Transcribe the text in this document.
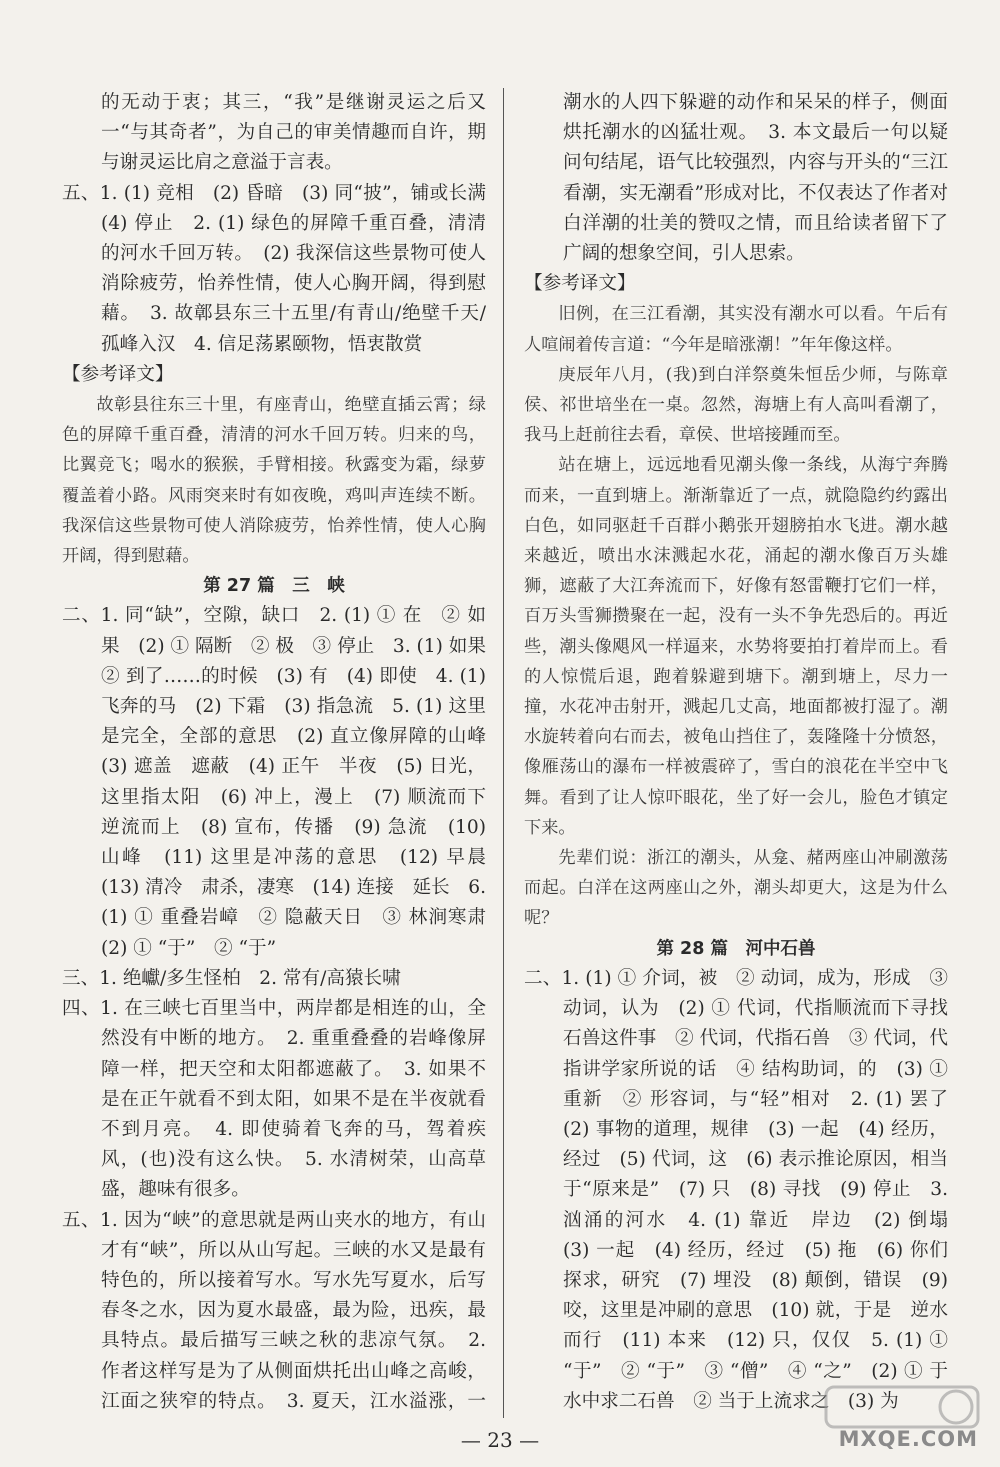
的无动于衷；其三，“我”是继谢灵运之后又一“与其奇者”，为自己的审美情趣而自许，期与谢灵运比肩之意溢于言表。

五、1. (1) 竞相　(2) 昏暗　(3) 同“披”，铺或长满　(4) 停止　2. (1) 绿色的屏障千重百叠，清清的河水千回万转。　(2) 我深信这些景物可使人消除疲劳，怡养性情，使人心胸开阔，得到慰藉。　3. 故鄣县东三十五里/有青山/绝壁千天/孤峰入汉　4. 信足荡累颐物，悟衷散赏

【参考译文】

故彰县往东三十里，有座青山，绝壁直插云霄；绿色的屏障千重百叠，清清的河水千回万转。归来的鸟，比翼竞飞；喝水的猴猴，手臂相接。秋露变为霜，绿萝覆盖着小路。风雨突来时有如夜晚，鸡叫声连续不断。我深信这些景物可使人消除疲劳，怡养性情，使人心胸开阔，得到慰藉。

第 27 篇　三　峡

二、1. 同“缺”，空隙，缺口　2. (1) ① 在　② 如果　(2) ① 隔断　② 极　③ 停止　3. (1) 如果　② 到了……的时候　(3) 有　(4) 即使　4. (1) 飞奔的马　(2) 下霜　(3) 指急流　5. (1) 这里是完全，全部的意思　(2) 直立像屏障的山峰　(3) 遮盖　遮蔽　(4) 正午　半夜　(5) 日光，这里指太阳　(6) 冲上，漫上　(7) 顺流而下　逆流而上　(8) 宣布，传播　(9) 急流　(10) 山峰　(11) 这里是冲荡的意思　(12) 早晨　(13) 清冷　肃杀，凄寒　(14) 连接　延长　6. (1) ① 重叠岩嶂　② 隐蔽天日　③ 林涧寒肃　(2) ① “于”　② “于”

三、1. 绝巘/多生怪柏　2. 常有/高猿长啸

四、1. 在三峡七百里当中，两岸都是相连的山，全然没有中断的地方。　2. 重重叠叠的岩峰像屏障一样，把天空和太阳都遮蔽了。　3. 如果不是在正午就看不到太阳，如果不是在半夜就看不到月亮。　4. 即使骑着飞奔的马，驾着疾风，(也)没有这么快。　5. 水清树荣，山高草盛，趣味有很多。

五、1. 因为“峡”的意思就是两山夹水的地方，有山才有“峡”，所以从山写起。三峡的水又是最有特色的，所以接着写水。写水先写夏水，后写春冬之水，因为夏水最盛，最为险，迅疾，最具特点。最后描写三峡之秋的悲凉气氛。　2. 作者这样写是为了从侧面烘托出山峰之高峻，江面之狭窄的特点。　3. 夏天，江水溢涨，一

潮水的人四下躲避的动作和呆呆的样子，侧面烘托潮水的凶猛壮观。　3. 本文最后一句以疑问句结尾，语气比较强烈，内容与开头的“三江看潮，实无潮看”形成对比，不仅表达了作者对白洋潮的壮美的赞叹之情，而且给读者留下了广阔的想象空间，引人思索。

【参考译文】

旧例，在三江看潮，其实没有潮水可以看。午后有人喧闹着传言道：“今年是暗涨潮！”年年像这样。

庚辰年八月，(我)到白洋祭奠朱恒岳少师，与陈章侯、祁世培坐在一桌。忽然，海塘上有人高叫看潮了，我马上赶前往去看，章侯、世培接踵而至。

站在塘上，远远地看见潮头像一条线，从海宁奔腾而来，一直到塘上。渐渐靠近了一点，就隐隐约约露出白色，如同驱赶千百群小鹅张开翅膀拍水飞进。潮水越来越近，喷出水沫溅起水花，涌起的潮水像百万头雄狮，遮蔽了大江奔流而下，好像有怒雷鞭打它们一样，百万头雪狮攒聚在一起，没有一头不争先恐后的。再近些，潮头像飓风一样逼来，水势将要拍打着岸而上。看的人惊慌后退，跑着躲避到塘下。潮到塘上，尽力一撞，水花冲击射开，溅起几丈高，地面都被打湿了。潮水旋转着向右而去，被龟山挡住了，轰隆隆十分愤怒，像雁荡山的瀑布一样被震碎了，雪白的浪花在半空中飞舞。看到了让人惊吓眼花，坐了好一会儿，脸色才镇定下来。

先辈们说：浙江的潮头，从龛、赭两座山冲刷激荡而起。白洋在这两座山之外，潮头却更大，这是为什么呢？

第 28 篇　河中石兽

二、1. (1) ① 介词，被　② 动词，成为，形成　③ 动词，认为　(2) ① 代词，代指顺流而下寻找石兽这件事　② 代词，代指石兽　③ 代词，代指讲学家所说的话　④ 结构助词，的　(3) ① 重新　② 形容词，与“轻”相对　2. (1) 罢了　(2) 事物的道理，规律　(3) 一起　(4) 经历，经过　(5) 代词，这　(6) 表示推论原因，相当于“原来是”　(7) 只　(8) 寻找　(9) 停止　3. 汹涌的河水　4. (1) 靠近　岸边　(2) 倒塌　(3) 一起　(4) 经历，经过　(5) 拖　(6) 你们　探求，研究　(7) 埋没　(8) 颠倒，错误　(9) 咬，这里是冲刷的意思　(10) 就，于是　逆水而行　(11) 本来　(12) 只，仅仅　5. (1) ① “于”　② “于”　③ “僧”　④ “之”　(2) ① 于水中求二石兽　② 当于上流求之　(3) 为

— 23 —	MXQE.COM
